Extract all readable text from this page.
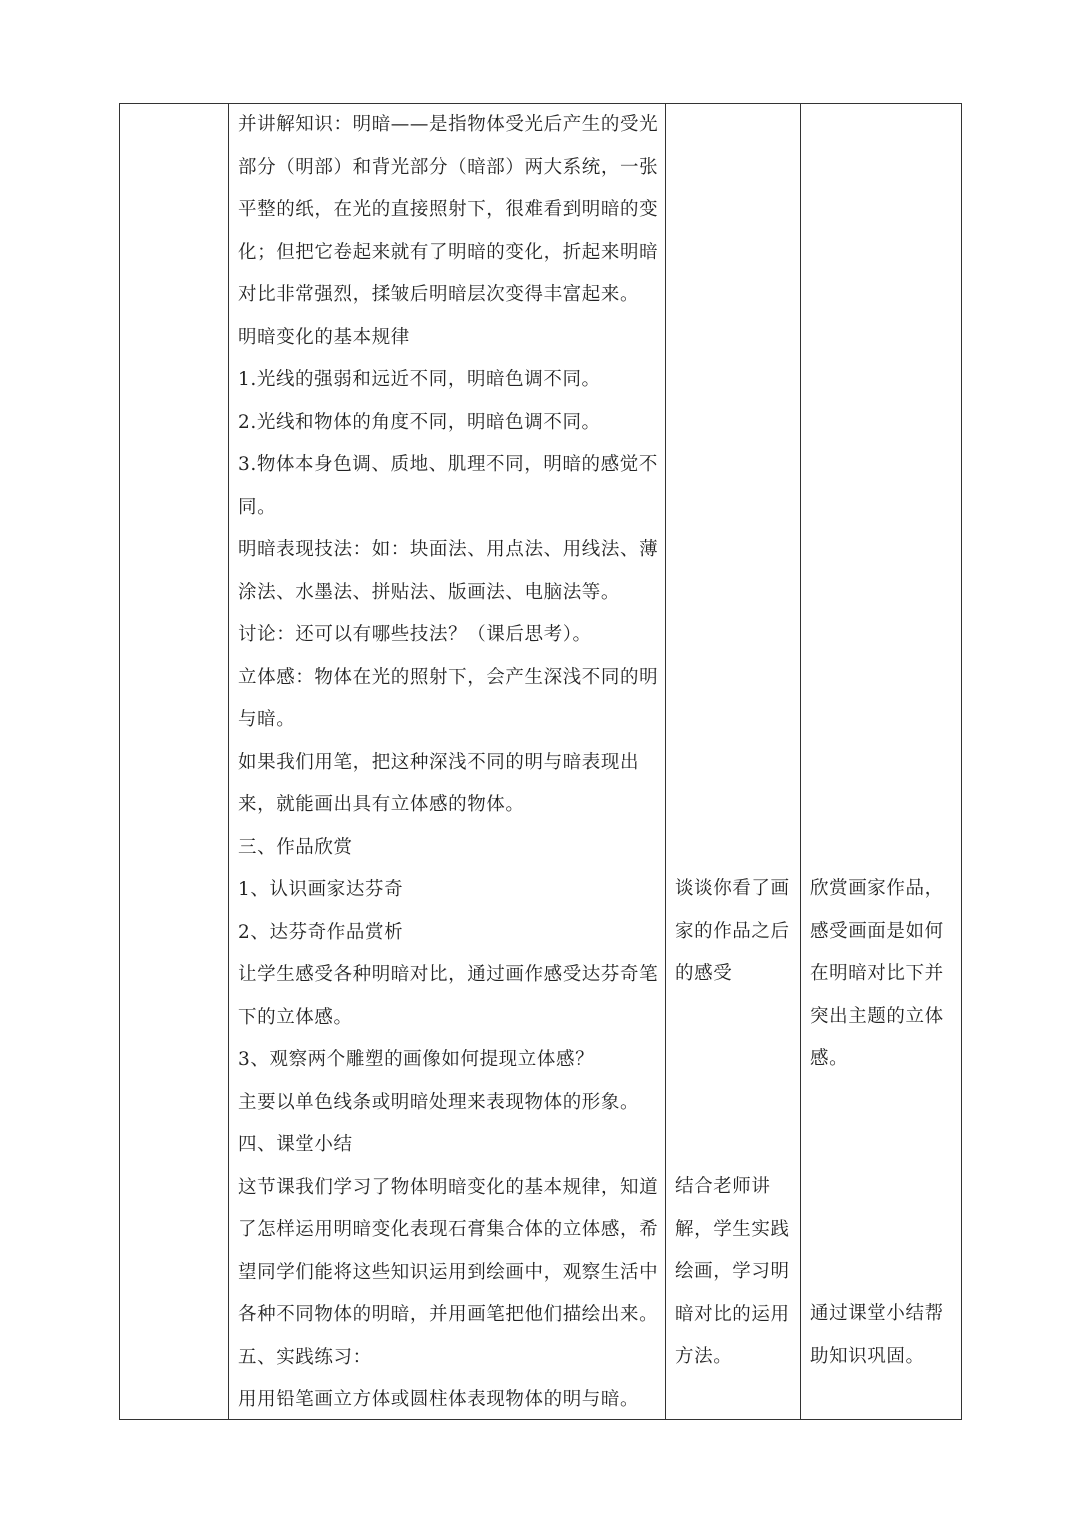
并讲解知识：明暗——是指物体受光后产生的受光
部分（明部）和背光部分（暗部）两大系统，一张
平整的纸，在光的直接照射下，很难看到明暗的变
化；但把它卷起来就有了明暗的变化，折起来明暗
对比非常强烈，揉皱后明暗层次变得丰富起来。
明暗变化的基本规律
1.光线的强弱和远近不同，明暗色调不同。
2.光线和物体的角度不同，明暗色调不同。
3.物体本身色调、质地、肌理不同，明暗的感觉不
同。
明暗表现技法：如：块面法、用点法、用线法、薄
涂法、水墨法、拼贴法、版画法、电脑法等。
讨论：还可以有哪些技法？（课后思考）。
立体感：物体在光的照射下，会产生深浅不同的明
与暗。
如果我们用笔，把这种深浅不同的明与暗表现出
来，就能画出具有立体感的物体。
三、作品欣赏
1、认识画家达芬奇
2、达芬奇作品赏析
让学生感受各种明暗对比，通过画作感受达芬奇笔
下的立体感。
3、观察两个雕塑的画像如何提现立体感？
主要以单色线条或明暗处理来表现物体的形象。
四、课堂小结
这节课我们学习了物体明暗变化的基本规律，知道
了怎样运用明暗变化表现石膏集合体的立体感，希
望同学们能将这些知识运用到绘画中，观察生活中
各种不同物体的明暗，并用画笔把他们描绘出来。
五、实践练习：
用用铅笔画立方体或圆柱体表现物体的明与暗。
谈谈你看了画
家的作品之后
的感受
结合老师讲
解，学生实践
绘画，学习明
暗对比的运用
方法。
欣赏画家作品，
感受画面是如何
在明暗对比下并
突出主题的立体
感。
通过课堂小结帮
助知识巩固。
